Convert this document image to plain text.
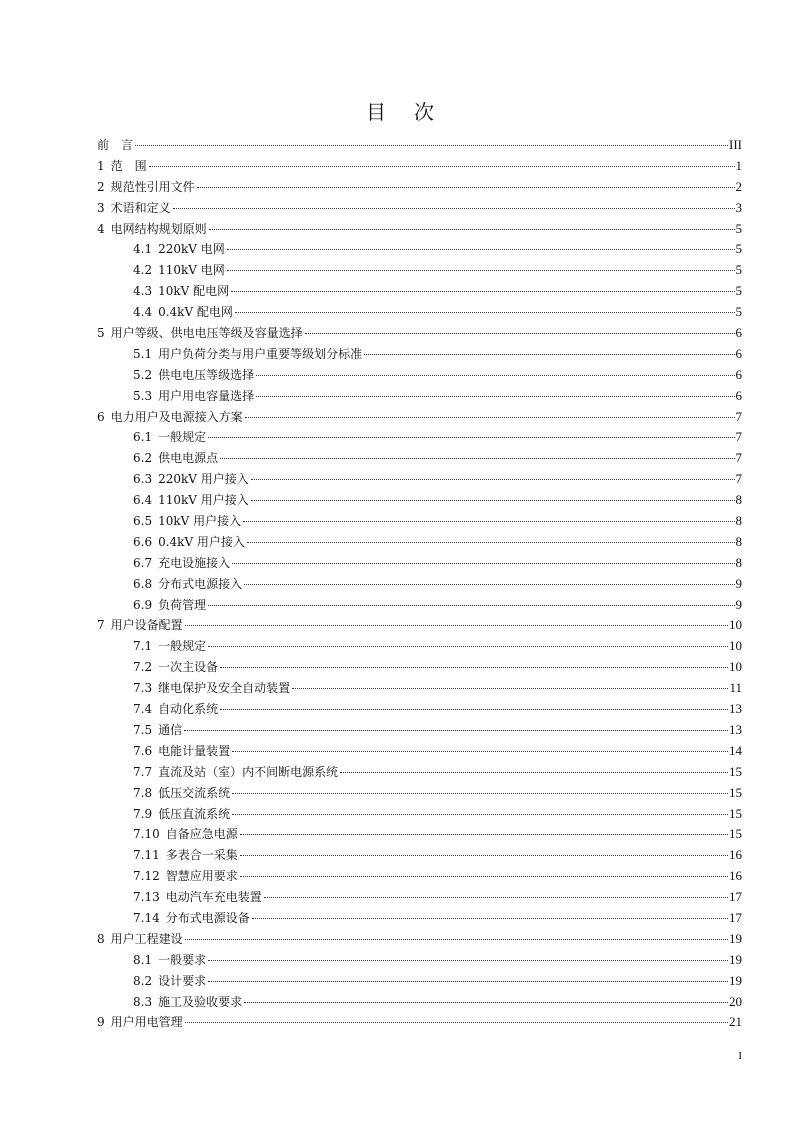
目 次
前　言	III
1 范　围	1
2 规范性引用文件	2
3 术语和定义	3
4 电网结构规划原则	5
4.1 220kV 电网	5
4.2 110kV 电网	5
4.3 10kV 配电网	5
4.4 0.4kV 配电网	5
5 用户等级、供电电压等级及容量选择	6
5.1 用户负荷分类与用户重要等级划分标准	6
5.2 供电电压等级选择	6
5.3 用户用电容量选择	6
6 电力用户及电源接入方案	7
6.1 一般规定	7
6.2 供电电源点	7
6.3 220kV 用户接入	7
6.4 110kV 用户接入	8
6.5 10kV 用户接入	8
6.6 0.4kV 用户接入	8
6.7 充电设施接入	8
6.8 分布式电源接入	9
6.9 负荷管理	9
7 用户设备配置	10
7.1 一般规定	10
7.2 一次主设备	10
7.3 继电保护及安全自动装置	11
7.4 自动化系统	13
7.5 通信	13
7.6 电能计量装置	14
7.7 直流及站（室）内不间断电源系统	15
7.8 低压交流系统	15
7.9 低压直流系统	15
7.10 自备应急电源	15
7.11 多表合一采集	16
7.12 智慧应用要求	16
7.13 电动汽车充电装置	17
7.14 分布式电源设备	17
8 用户工程建设	19
8.1 一般要求	19
8.2 设计要求	19
8.3 施工及验收要求	20
9 用户用电管理	21
I
